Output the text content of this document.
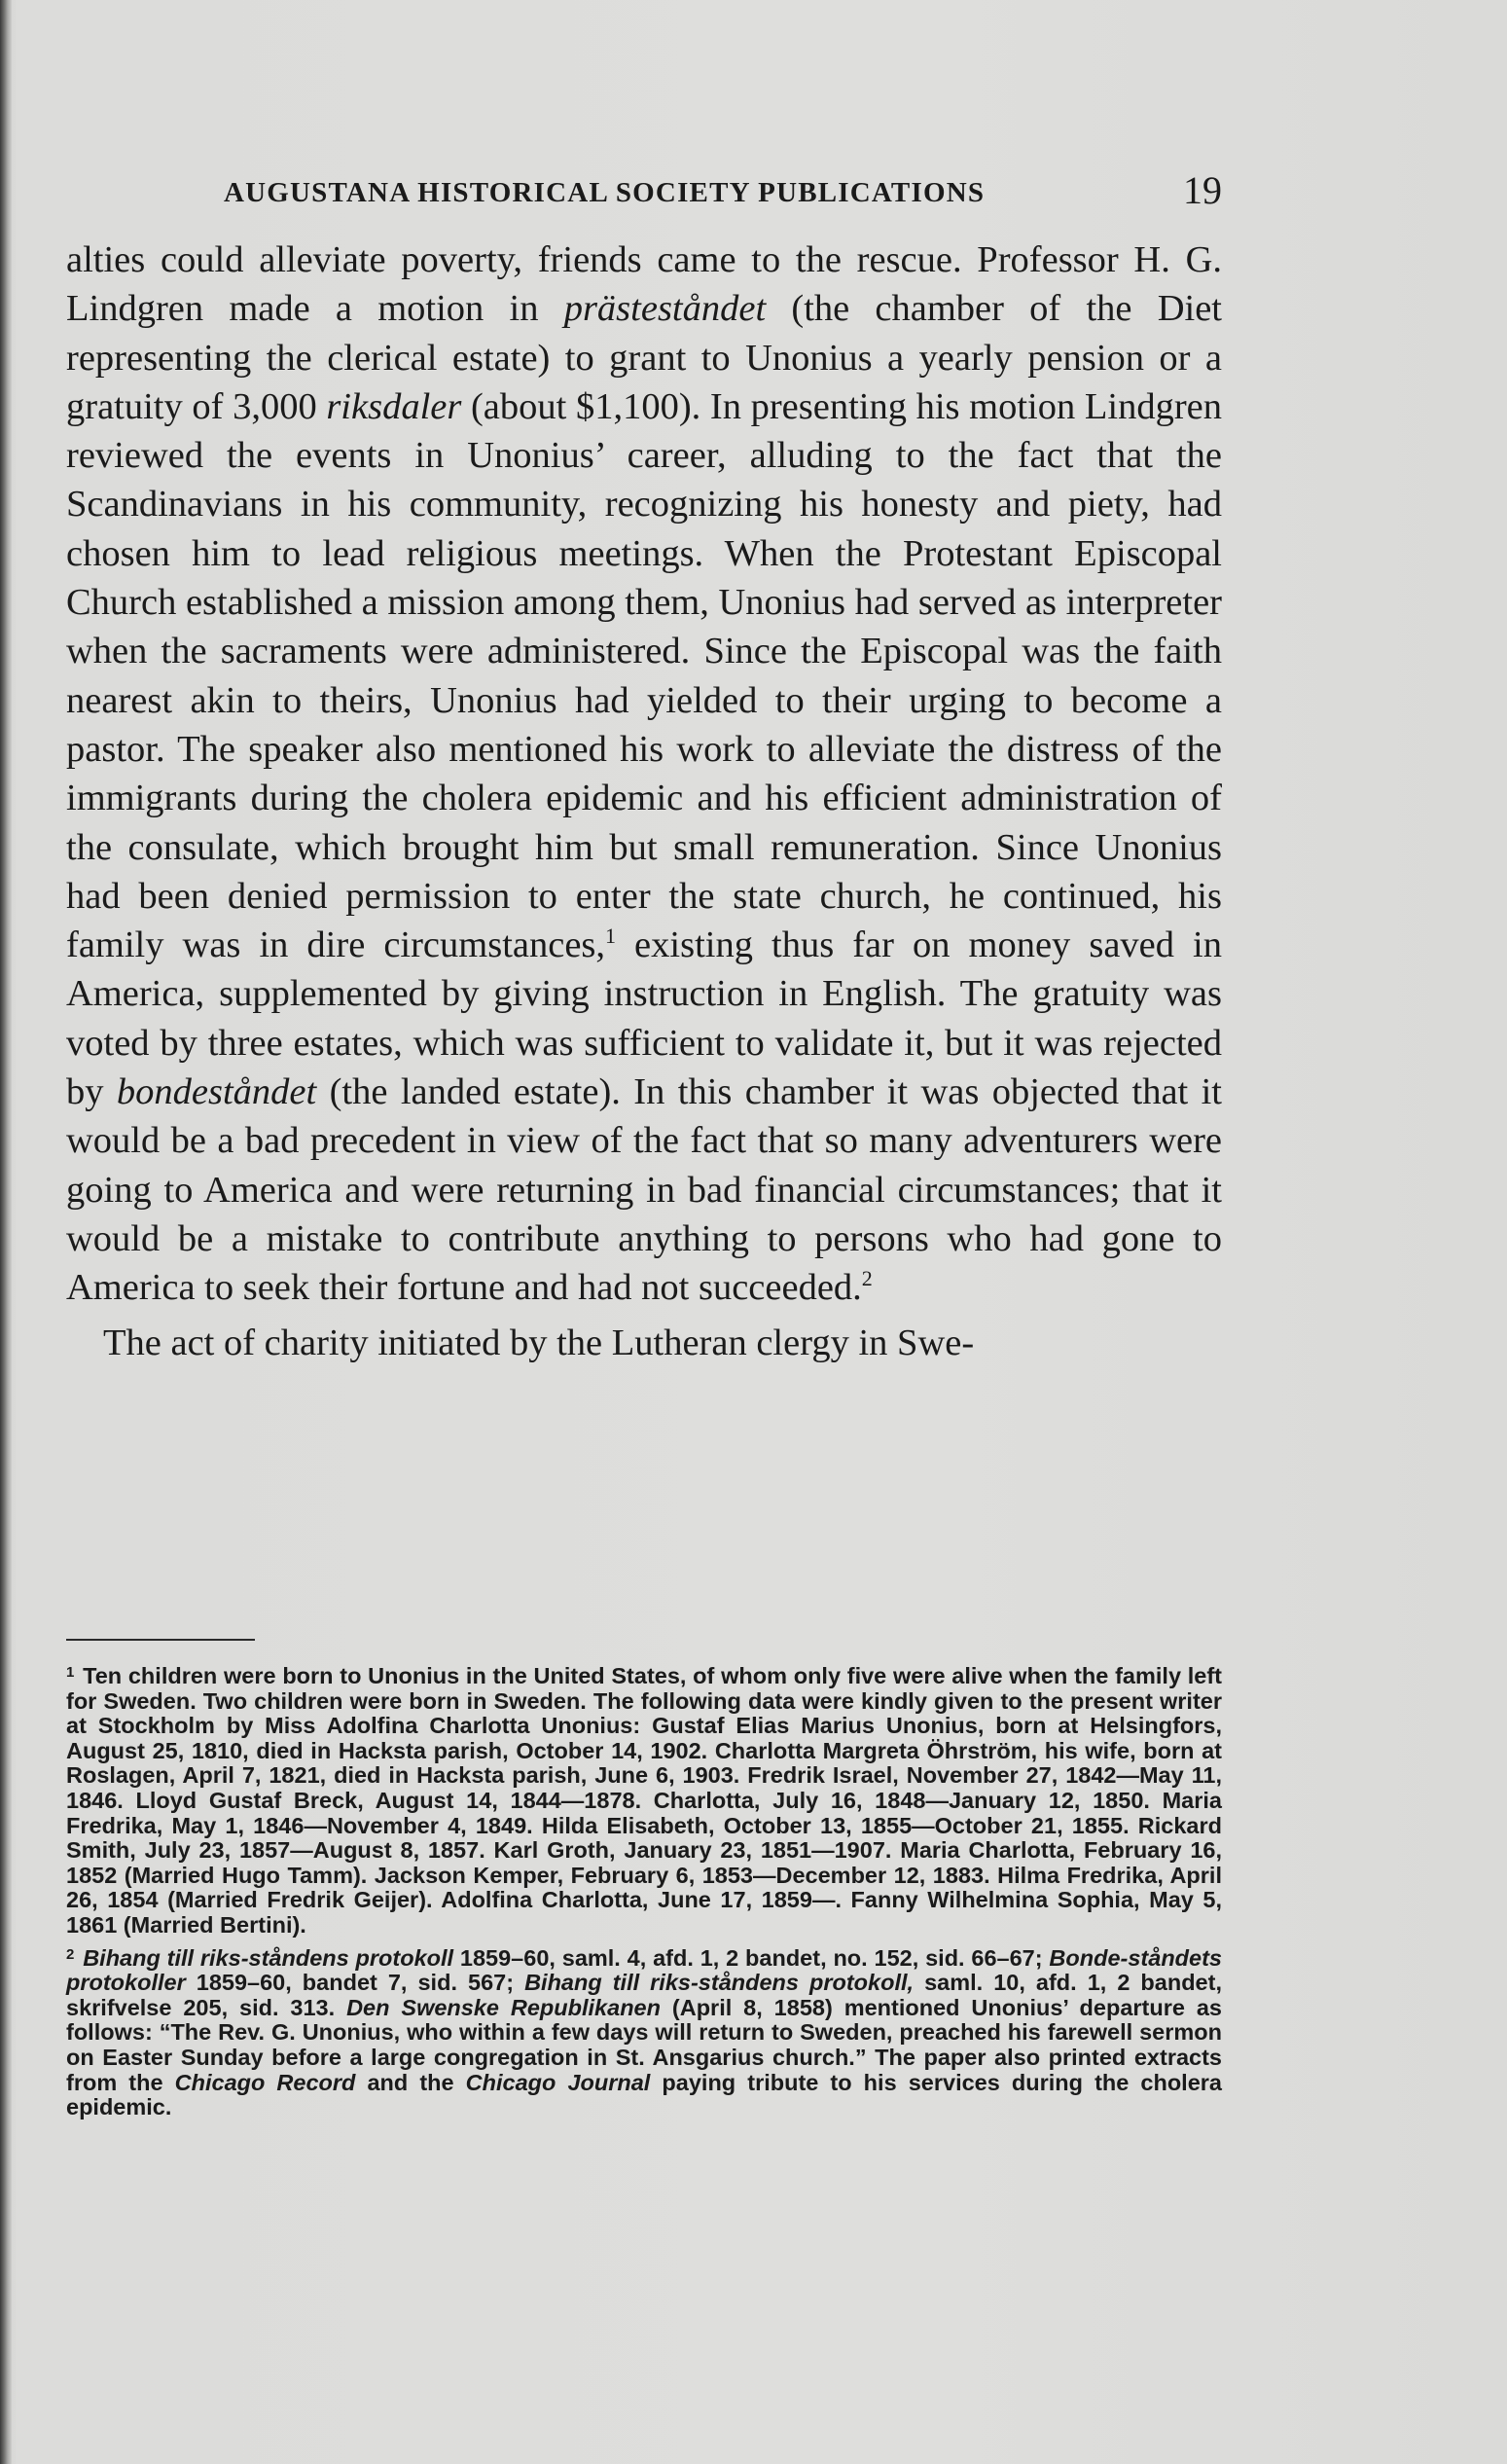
AUGUSTANA HISTORICAL SOCIETY PUBLICATIONS	19

alties could alleviate poverty, friends came to the rescue. Professor H. G. Lindgren made a motion in prästeståndet (the chamber of the Diet representing the clerical estate) to grant to Unonius a yearly pension or a gratuity of 3,000 riksdaler (about $1,100). In presenting his motion Lindgren reviewed the events in Unonius’ career, alluding to the fact that the Scandinavians in his community, recognizing his honesty and piety, had chosen him to lead religious meetings. When the Protestant Episcopal Church established a mission among them, Unonius had served as interpreter when the sacraments were administered. Since the Episcopal was the faith nearest akin to theirs, Unonius had yielded to their urging to become a pastor. The speaker also mentioned his work to alleviate the distress of the immigrants during the cholera epidemic and his efficient administration of the consulate, which brought him but small remuneration. Since Unonius had been denied permission to enter the state church, he continued, his family was in dire circumstances,$^1$ existing thus far on money saved in America, supplemented by giving instruction in English. The gratuity was voted by three estates, which was sufficient to validate it, but it was rejected by bondeståndet (the landed estate). In this chamber it was objected that it would be a bad precedent in view of the fact that so many adventurers were going to America and were returning in bad financial circumstances; that it would be a mistake to contribute anything to persons who had gone to America to seek their fortune and had not succeeded.$^2$

The act of charity initiated by the Lutheran clergy in Swe-

$^1$ Ten children were born to Unonius in the United States, of whom only five were alive when the family left for Sweden. Two children were born in Sweden. The following data were kindly given to the present writer at Stockholm by Miss Adolfina Charlotta Unonius: Gustaf Elias Marius Unonius, born at Helsingfors, August 25, 1810, died in Hacksta parish, October 14, 1902. Charlotta Margreta Öhrström, his wife, born at Roslagen, April 7, 1821, died in Hacksta parish, June 6, 1903. Fredrik Israel, November 27, 1842—May 11, 1846. Lloyd Gustaf Breck, August 14, 1844—1878. Charlotta, July 16, 1848—January 12, 1850. Maria Fredrika, May 1, 1846—November 4, 1849. Hilda Elisabeth, October 13, 1855—October 21, 1855. Rickard Smith, July 23, 1857—August 8, 1857. Karl Groth, January 23, 1851—1907. Maria Charlotta, February 16, 1852 (Married Hugo Tamm). Jackson Kemper, February 6, 1853—December 12, 1883. Hilma Fredrika, April 26, 1854 (Married Fredrik Geijer). Adolfina Charlotta, June 17, 1859—. Fanny Wilhelmina Sophia, May 5, 1861 (Married Bertini).

$^2$ Bihang till riks-ståndens protokoll 1859–60, saml. 4, afd. 1, 2 bandet, no. 152, sid. 66–67; Bonde-ståndets protokoller 1859–60, bandet 7, sid. 567; Bihang till riks-ståndens protokoll, saml. 10, afd. 1, 2 bandet, skrifvelse 205, sid. 313. Den Swenske Republikanen (April 8, 1858) mentioned Unonius’ departure as follows: “The Rev. G. Unonius, who within a few days will return to Sweden, preached his farewell sermon on Easter Sunday before a large congregation in St. Ansgarius church.” The paper also printed extracts from the Chicago Record and the Chicago Journal paying tribute to his services during the cholera epidemic.
